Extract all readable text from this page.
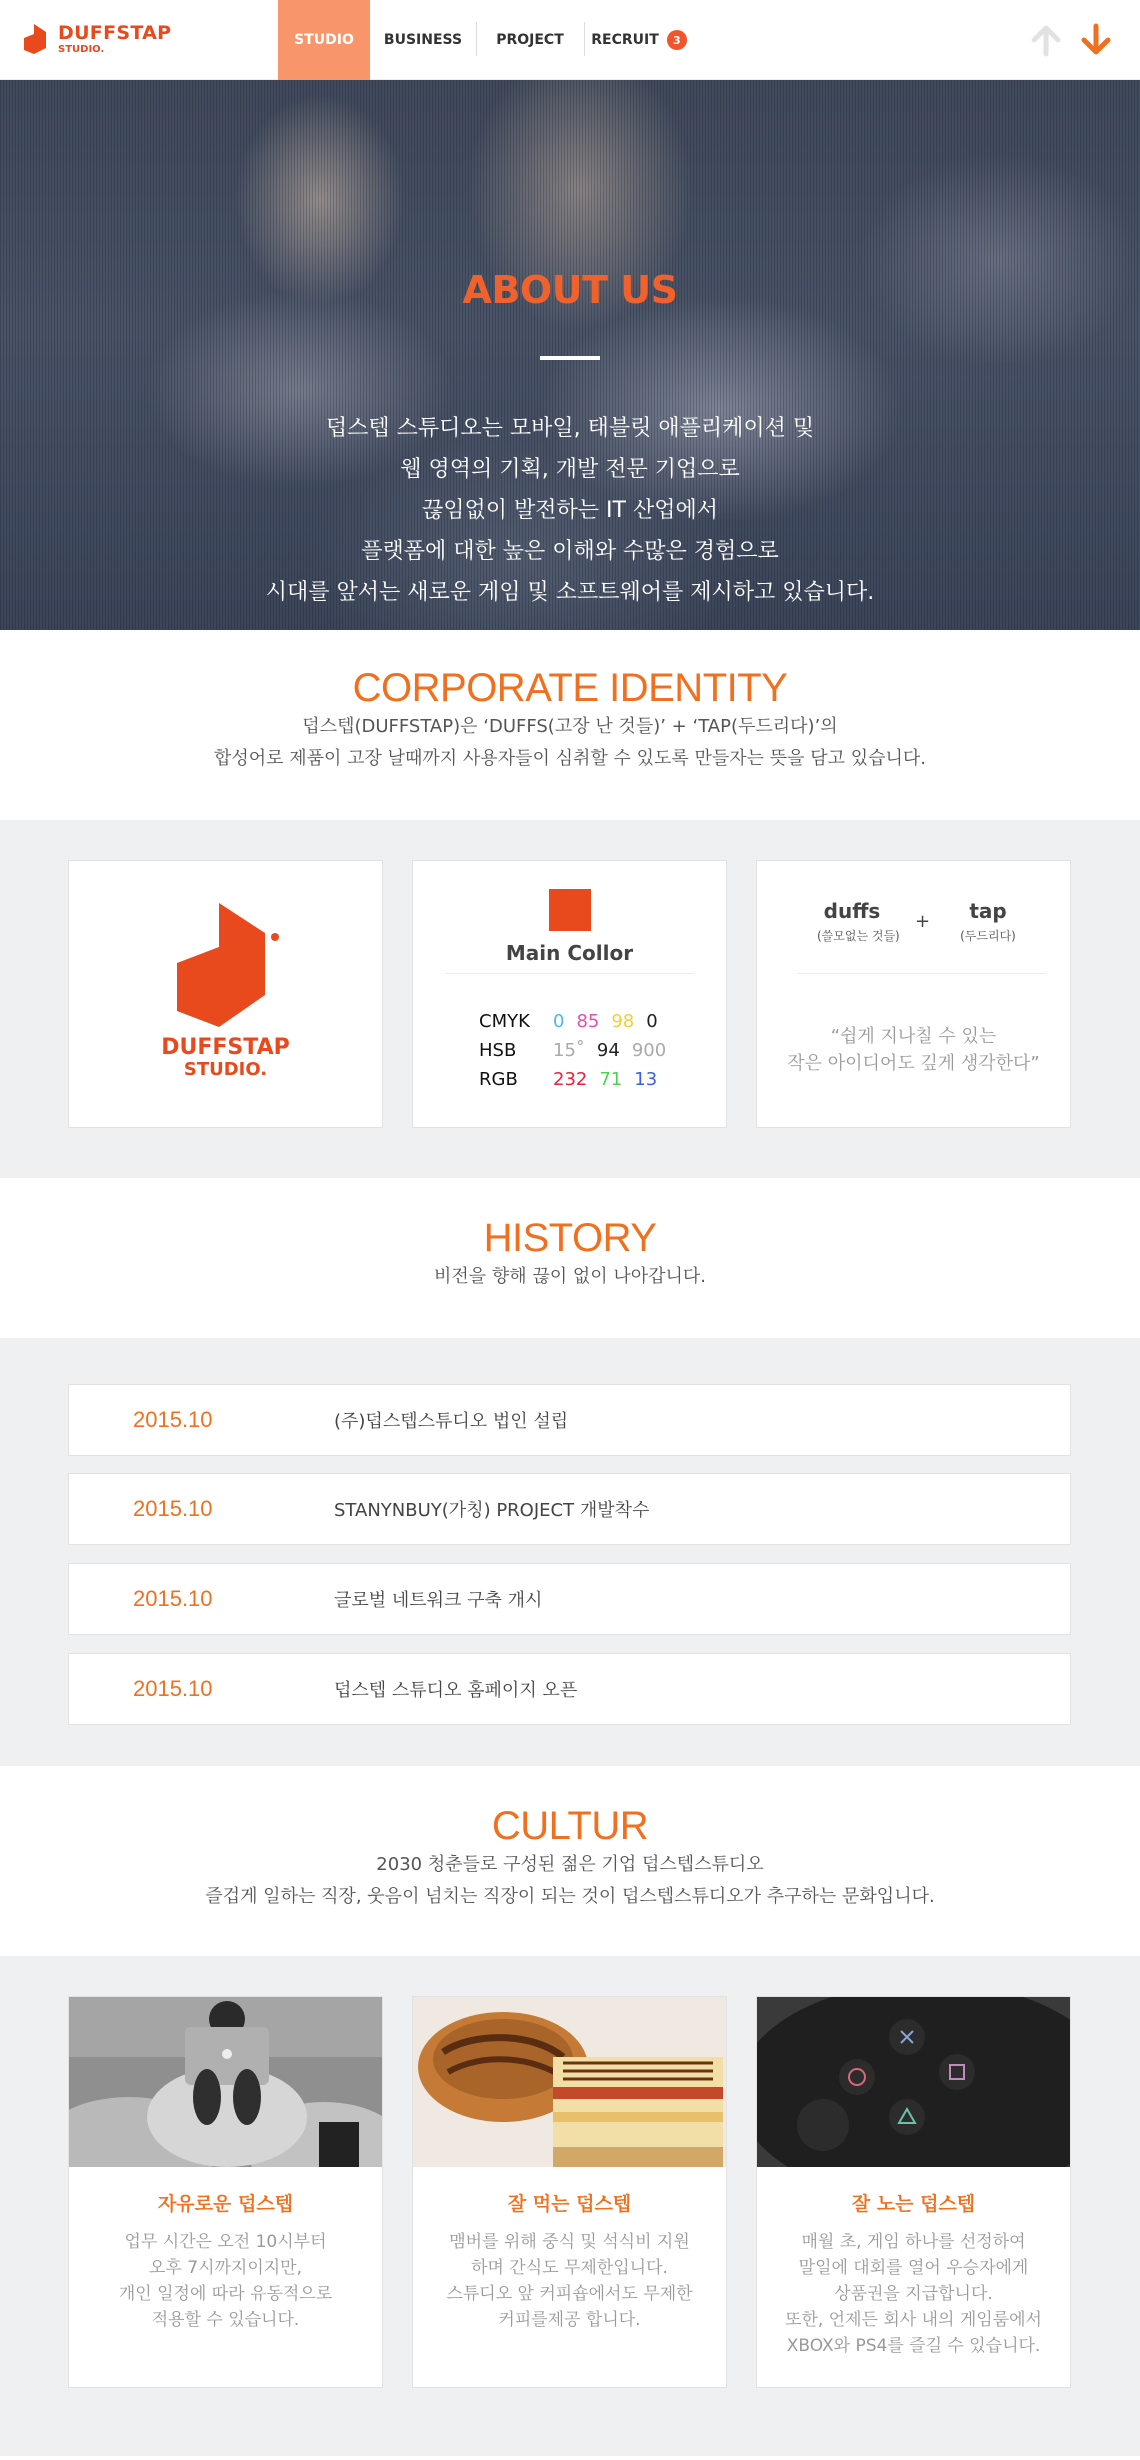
DUFFSTAP
STUDIO.
STUDIO BUSINESS PROJECT RECRUIT	3
ABOUT US

덥스텝 스튜디오는 모바일, 태블릿 애플리케이션 및

웹 영역의 기획, 개발 전문 기업으로

끊임없이 발전하는 IT 산업에서

플랫폼에 대한 높은 이해와 수많은 경험으로

시대를 앞서는 새로운 게임 및 소프트웨어를 제시하고 있습니다.

CORPORATE IDENTITY

덥스텝(DUFFSTAP)은 ‘DUFFS(고장 난 것들)’ + ‘TAP(두드리다)’의

합성어로 제품이 고장 날때까지 사용자들이 심취할 수 있도록 만들자는 뜻을 담고 있습니다.

DUFFSTAP
STUDIO.
Main Collor
CMYK	0 85 98 0
HSB	15˚ 94 900
RGB	232 71 13
duffs
(쓸모없는 것들)
+	tap
(두드리다)
“쉽게 지나칠 수 있는
작은 아이디어도 깊게 생각한다”
HISTORY

비전을 향해 끊이 없이 나아갑니다.

2015.10	(주)덥스텝스튜디오 법인 설립
2015.10	STANYNBUY(가칭) PROJECT 개발착수
2015.10	글로벌 네트워크 구축 개시
2015.10	덥스텝 스튜디오 홈페이지 오픈
CULTUR

2030 청춘들로 구성된 젊은 기업 덥스텝스튜디오

즐겁게 일하는 직장, 웃음이 넘치는 직장이 되는 것이 덥스텝스튜디오가 추구하는 문화입니다.

자유로운 덥스텝
업무 시간은 오전 10시부터
오후 7시까지이지만,
개인 일정에 따라 유동적으로
적용할 수 있습니다.
잘 먹는 덥스텝
맴버를 위해 중식 및 석식비 지원
하며 간식도 무제한입니다.
스튜디오 앞 커피숍에서도 무제한
커피를제공 합니다.
잘 노는 덥스텝
매월 초, 게임 하나를 선정하여
말일에 대회를 열어 우승자에게
상품권을 지급합니다.
또한, 언제든 회사 내의 게임룸에서
XBOX와 PS4를 즐길 수 있습니다.
